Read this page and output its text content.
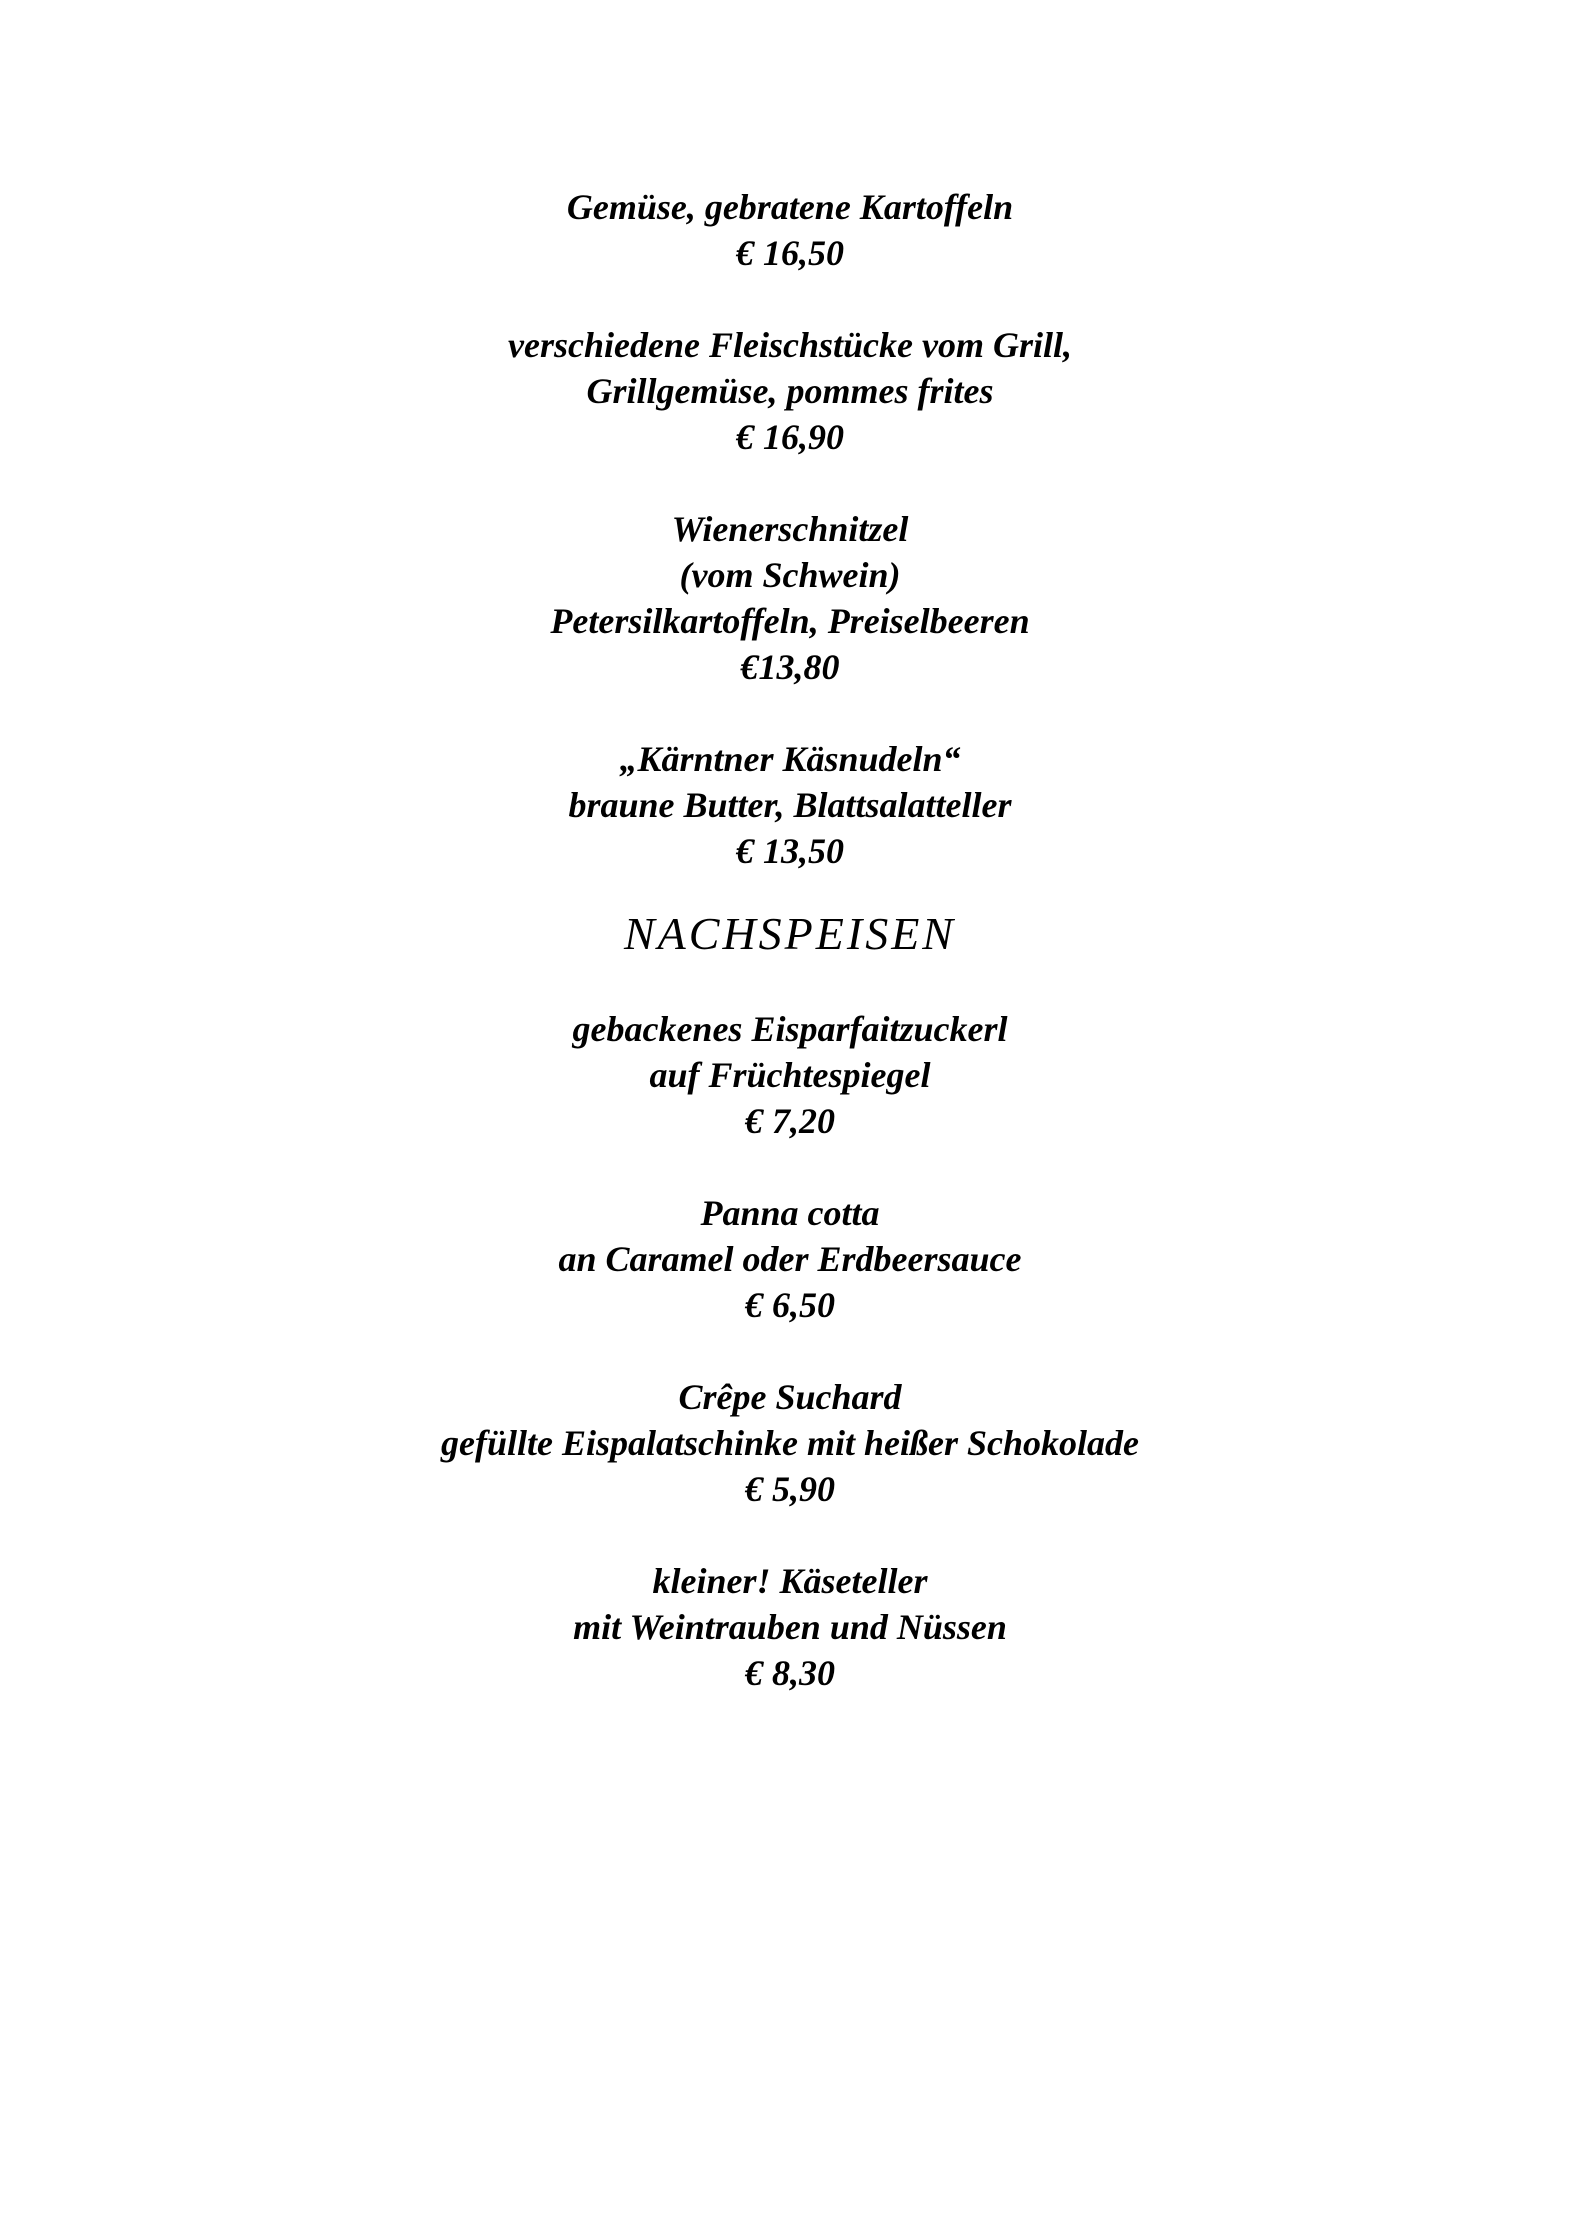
Gemüse, gebratene Kartoffeln
€ 16,50
verschiedene Fleischstücke vom Grill,
Grillgemüse, pommes frites
€ 16,90
Wienerschnitzel
(vom Schwein)
Petersilkartoffeln, Preiselbeeren
€13,80
„Kärntner Käsnudeln“
braune Butter, Blattsalatteller
€ 13,50
NACHSPEISEN
gebackenes Eisparfaitzuckerl
auf Früchtespiegel
€ 7,20
Panna cotta
an Caramel oder Erdbeersauce
€ 6,50
Crêpe Suchard
gefüllte Eispalatschinke mit heißer Schokolade
€ 5,90
kleiner! Käseteller
mit Weintrauben und Nüssen
€ 8,30
